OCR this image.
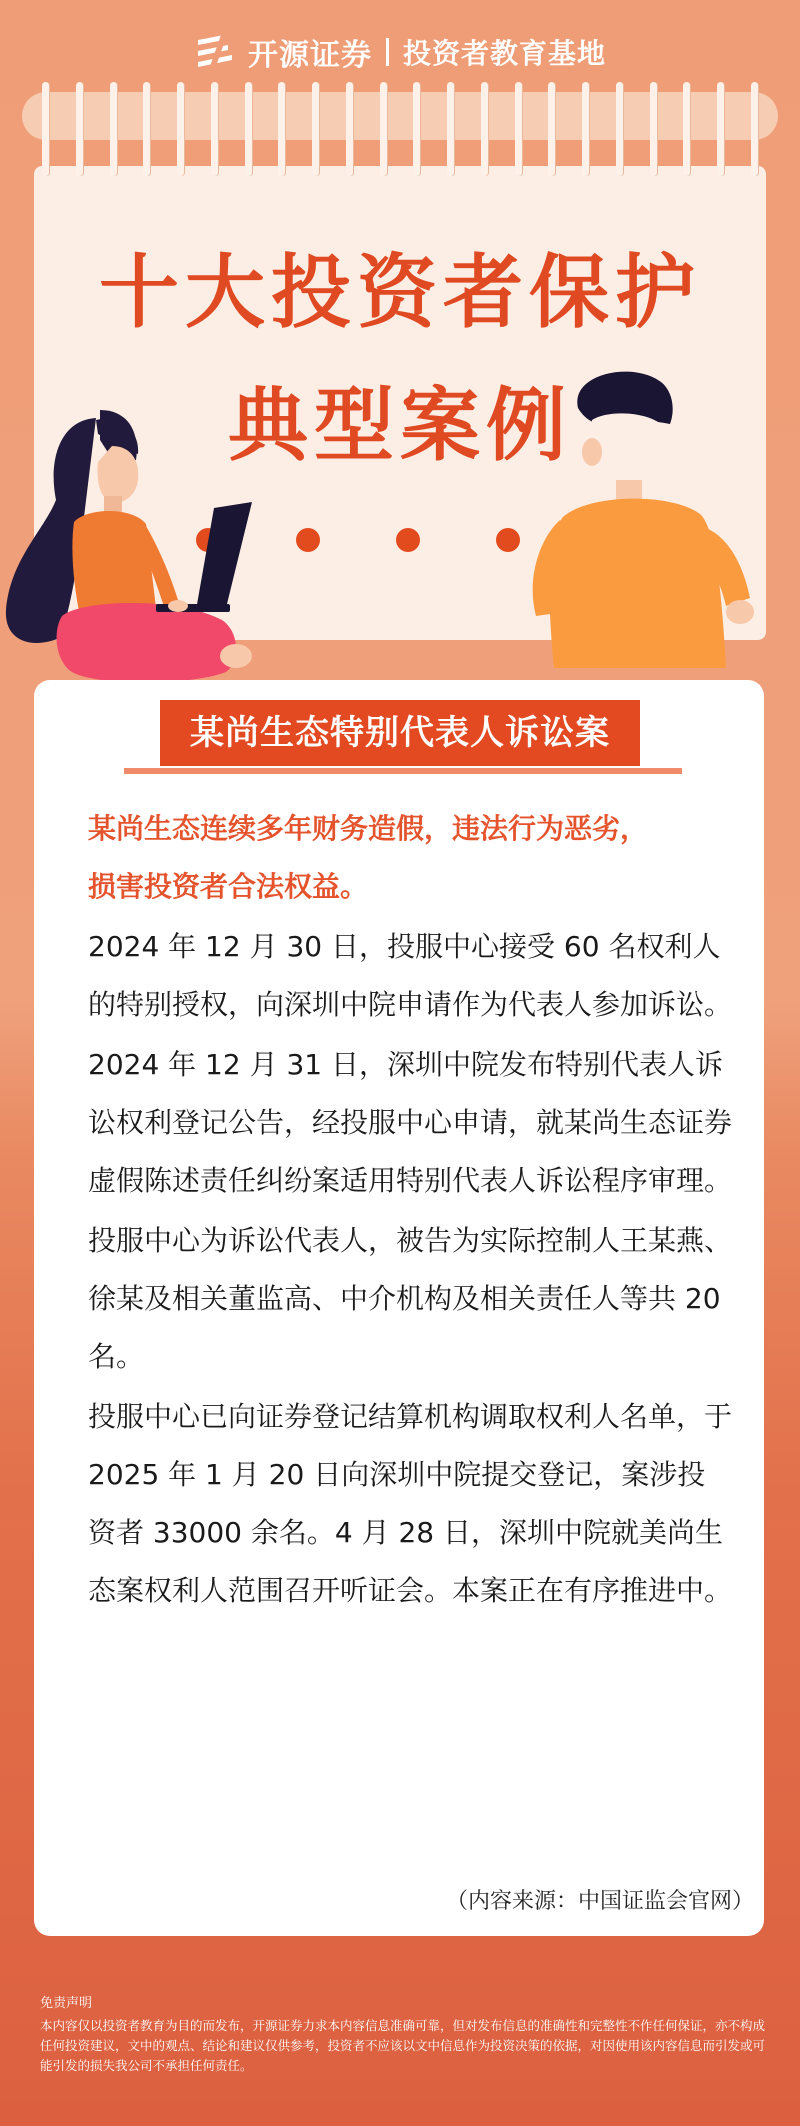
开源证券 投资者教育基地
十大投资者保护
典型案例
某尚生态特别代表人诉讼案

某尚生态连续多年财务造假，违法行为恶劣，

损害投资者合法权益。

2024 年 12 月 30 日，投服中心接受 60 名权利人的特别授权，向深圳中院申请作为代表人参加诉讼。

2024 年 12 月 31 日，深圳中院发布特别代表人诉讼权利登记公告，经投服中心申请，就某尚生态证券虚假陈述责任纠纷案适用特别代表人诉讼程序审理。

投服中心为诉讼代表人，被告为实际控制人王某燕、徐某及相关董监高、中介机构及相关责任人等共 20 名。

投服中心已向证券登记结算机构调取权利人名单，于 2025 年 1 月 20 日向深圳中院提交登记，案涉投资者 33000 余名。4 月 28 日，深圳中院就美尚生态案权利人范围召开听证会。本案正在有序推进中。

（内容来源：中国证监会官网）

免责声明

本内容仅以投资者教育为目的而发布，开源证券力求本内容信息准确可靠，但对发布信息的准确性和完整性不作任何保证，亦不构成任何投资建议，文中的观点、结论和建议仅供参考，投资者不应该以文中信息作为投资决策的依据，对因使用该内容信息而引发或可能引发的损失我公司不承担任何责任。
